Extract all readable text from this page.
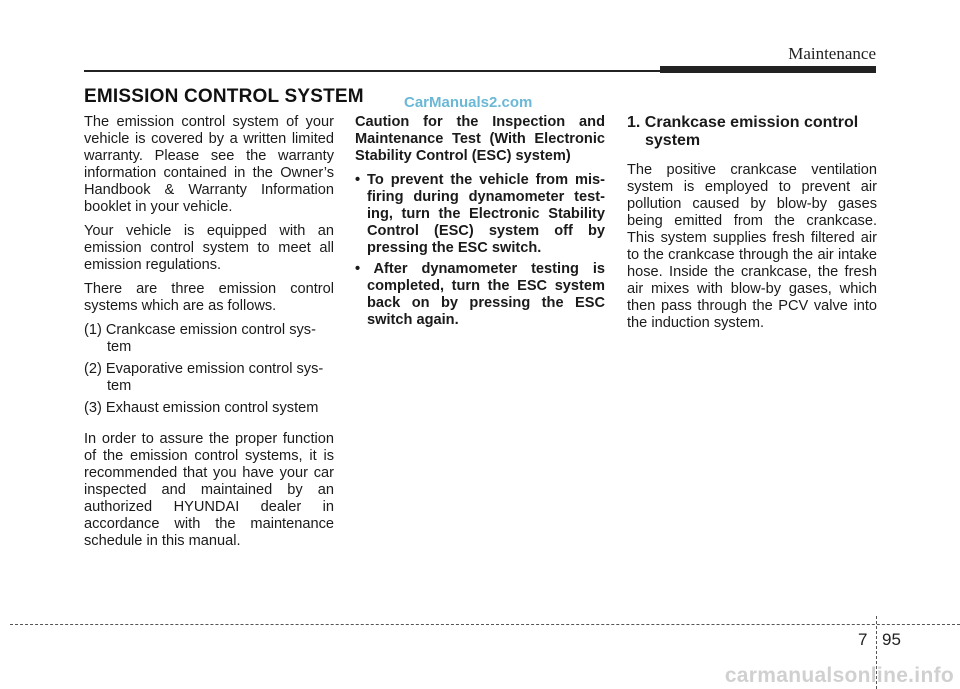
Maintenance
EMISSION CONTROL SYSTEM	CarManuals2.com

The emission control system of your vehicle is covered by a written limited warranty. Please see the warranty information contained in the Owner’s Handbook & Warranty Information booklet in your vehicle.

Your vehicle is equipped with an emission control system to meet all emission regulations.

There are three emission control systems which are as follows.

(1) Crankcase emission control sys-tem
(2) Evaporative emission control sys-tem
(3) Exhaust emission control system

In order to assure the proper function of the emission control systems, it is recommended that you have your car inspected and maintained by an authorized HYUNDAI dealer in accordance with the maintenance schedule in this manual.

Caution for the Inspection and Maintenance Test (With Electronic Stability Control (ESC) system)

• To prevent the vehicle from mis-firing during dynamometer test-ing, turn the Electronic Stability Control (ESC) system off by pressing the ESC switch.
• After dynamometer testing is completed, turn the ESC system back on by pressing the ESC switch again.
1. Crankcase emission control system

The positive crankcase ventilation system is employed to prevent air pollution caused by blow-by gases being emitted from the crankcase. This system supplies fresh filtered air to the crankcase through the air intake hose. Inside the crankcase, the fresh air mixes with blow-by gases, which then pass through the PCV valve into the induction system.

7 95
carmanualsonline.info
